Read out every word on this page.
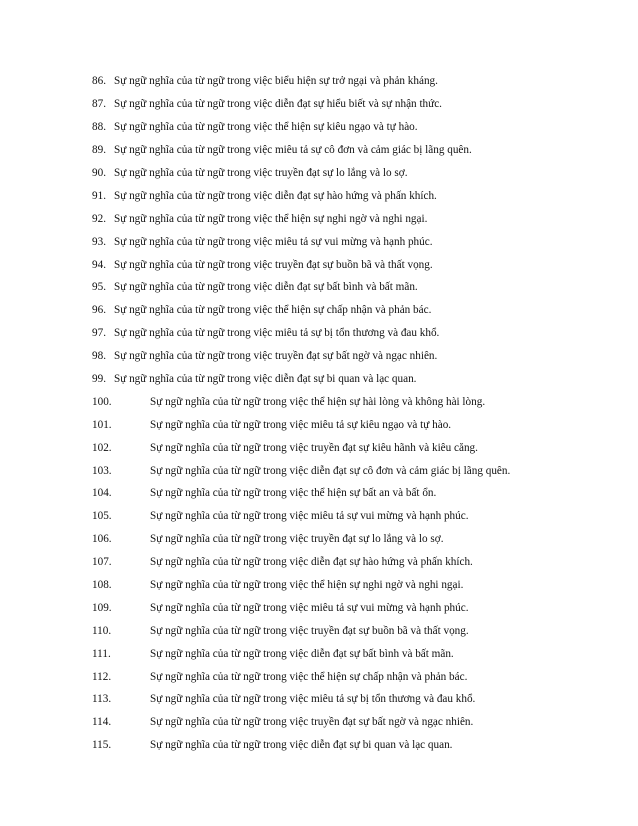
86. Sự ngữ nghĩa của từ ngữ trong việc biểu hiện sự trở ngại và phản kháng.
87. Sự ngữ nghĩa của từ ngữ trong việc diễn đạt sự hiểu biết và sự nhận thức.
88. Sự ngữ nghĩa của từ ngữ trong việc thể hiện sự kiêu ngạo và tự hào.
89. Sự ngữ nghĩa của từ ngữ trong việc miêu tả sự cô đơn và cảm giác bị lãng quên.
90. Sự ngữ nghĩa của từ ngữ trong việc truyền đạt sự lo lắng và lo sợ.
91. Sự ngữ nghĩa của từ ngữ trong việc diễn đạt sự hào hứng và phấn khích.
92. Sự ngữ nghĩa của từ ngữ trong việc thể hiện sự nghi ngờ và nghi ngại.
93. Sự ngữ nghĩa của từ ngữ trong việc miêu tả sự vui mừng và hạnh phúc.
94. Sự ngữ nghĩa của từ ngữ trong việc truyền đạt sự buồn bã và thất vọng.
95. Sự ngữ nghĩa của từ ngữ trong việc diễn đạt sự bất bình và bất mãn.
96. Sự ngữ nghĩa của từ ngữ trong việc thể hiện sự chấp nhận và phản bác.
97. Sự ngữ nghĩa của từ ngữ trong việc miêu tả sự bị tổn thương và đau khổ.
98. Sự ngữ nghĩa của từ ngữ trong việc truyền đạt sự bất ngờ và ngạc nhiên.
99. Sự ngữ nghĩa của từ ngữ trong việc diễn đạt sự bi quan và lạc quan.
100.	Sự ngữ nghĩa của từ ngữ trong việc thể hiện sự hài lòng và không hài lòng.
101.	Sự ngữ nghĩa của từ ngữ trong việc miêu tả sự kiêu ngạo và tự hào.
102.	Sự ngữ nghĩa của từ ngữ trong việc truyền đạt sự kiêu hãnh và kiêu căng.
103.	Sự ngữ nghĩa của từ ngữ trong việc diễn đạt sự cô đơn và cảm giác bị lãng quên.
104.	Sự ngữ nghĩa của từ ngữ trong việc thể hiện sự bất an và bất ổn.
105.	Sự ngữ nghĩa của từ ngữ trong việc miêu tả sự vui mừng và hạnh phúc.
106.	Sự ngữ nghĩa của từ ngữ trong việc truyền đạt sự lo lắng và lo sợ.
107.	Sự ngữ nghĩa của từ ngữ trong việc diễn đạt sự hào hứng và phấn khích.
108.	Sự ngữ nghĩa của từ ngữ trong việc thể hiện sự nghi ngờ và nghi ngại.
109.	Sự ngữ nghĩa của từ ngữ trong việc miêu tả sự vui mừng và hạnh phúc.
110.	Sự ngữ nghĩa của từ ngữ trong việc truyền đạt sự buồn bã và thất vọng.
111.	Sự ngữ nghĩa của từ ngữ trong việc diễn đạt sự bất bình và bất mãn.
112.	Sự ngữ nghĩa của từ ngữ trong việc thể hiện sự chấp nhận và phản bác.
113.	Sự ngữ nghĩa của từ ngữ trong việc miêu tả sự bị tổn thương và đau khổ.
114.	Sự ngữ nghĩa của từ ngữ trong việc truyền đạt sự bất ngờ và ngạc nhiên.
115.	Sự ngữ nghĩa của từ ngữ trong việc diễn đạt sự bi quan và lạc quan.
